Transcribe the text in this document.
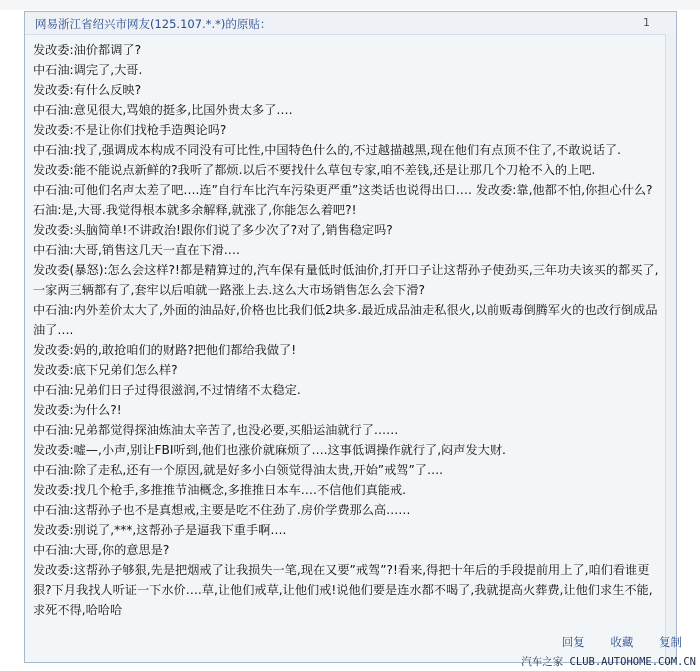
网易浙江省绍兴市网友(125.107.*.*)的原贴：	1
发改委:油价都调了?
中石油:调完了,大哥.
发改委:有什么反映?
中石油:意见很大,骂娘的挺多,比国外贵太多了….
发改委:不是让你们找枪手造舆论吗?
中石油:找了,强调成本构成不同没有可比性,中国特色什么的,不过越描越黑,现在他们有点顶不住了,不敢说话了.
发改委:能不能说点新鲜的?我听了都烦.以后不要找什么草包专家,咱不差钱,还是让那几个刀枪不入的上吧.
中石油:可他们名声太差了吧….连”自行车比汽车污染更严重”这类话也说得出口…. 发改委:靠,他都不怕,你担心什么? 石油:是,大哥.我觉得根本就多余解释,就涨了,你能怎么着吧?!
发改委:头脑简单!不讲政治!跟你们说了多少次了?对了,销售稳定吗?
中石油:大哥,销售这几天一直在下滑….
发改委(暴怒):怎么会这样?!都是精算过的,汽车保有量低时低油价,打开口子让这帮孙子使劲买,三年功夫该买的都买了,一家两三辆都有了,套牢以后咱就一路涨上去.这么大市场销售怎么会下滑?
中石油:内外差价太大了,外面的油品好,价格也比我们低2块多.最近成品油走私很火,以前贩毒倒腾军火的也改行倒成品油了….
发改委:妈的,敢抢咱们的财路?把他们都给我做了!
发改委:底下兄弟们怎么样?
中石油:兄弟们日子过得很滋润,不过情绪不太稳定.
发改委:为什么?!
中石油:兄弟都觉得探油炼油太辛苦了,也没必要,买船运油就行了……
发改委:嘘—,小声,别让FBI听到,他们也涨价就麻烦了….这事低调操作就行了,闷声发大财.
中石油:除了走私,还有一个原因,就是好多小白领觉得油太贵,开始”戒驾”了….
发改委:找几个枪手,多推推节油概念,多推推日本车….不信他们真能戒.
中石油:这帮孙子也不是真想戒,主要是吃不住劲了.房价学费那么高……
发改委:别说了,***,这帮孙子是逼我下重手啊….
中石油:大哥,你的意思是?
发改委:这帮孙子够狠,先是把烟戒了让我损失一笔,现在又要”戒驾”?!看来,得把十年后的手段提前用上了,咱们看谁更狠?下月我找人听证一下水价….草,让他们戒草,让他们戒!说他们要是连水都不喝了,我就提高火葬费,让他们求生不能,求死不得,哈哈哈
回复 收藏 复制
汽车之家 CLUB.AUTOHOME.COM.CN
